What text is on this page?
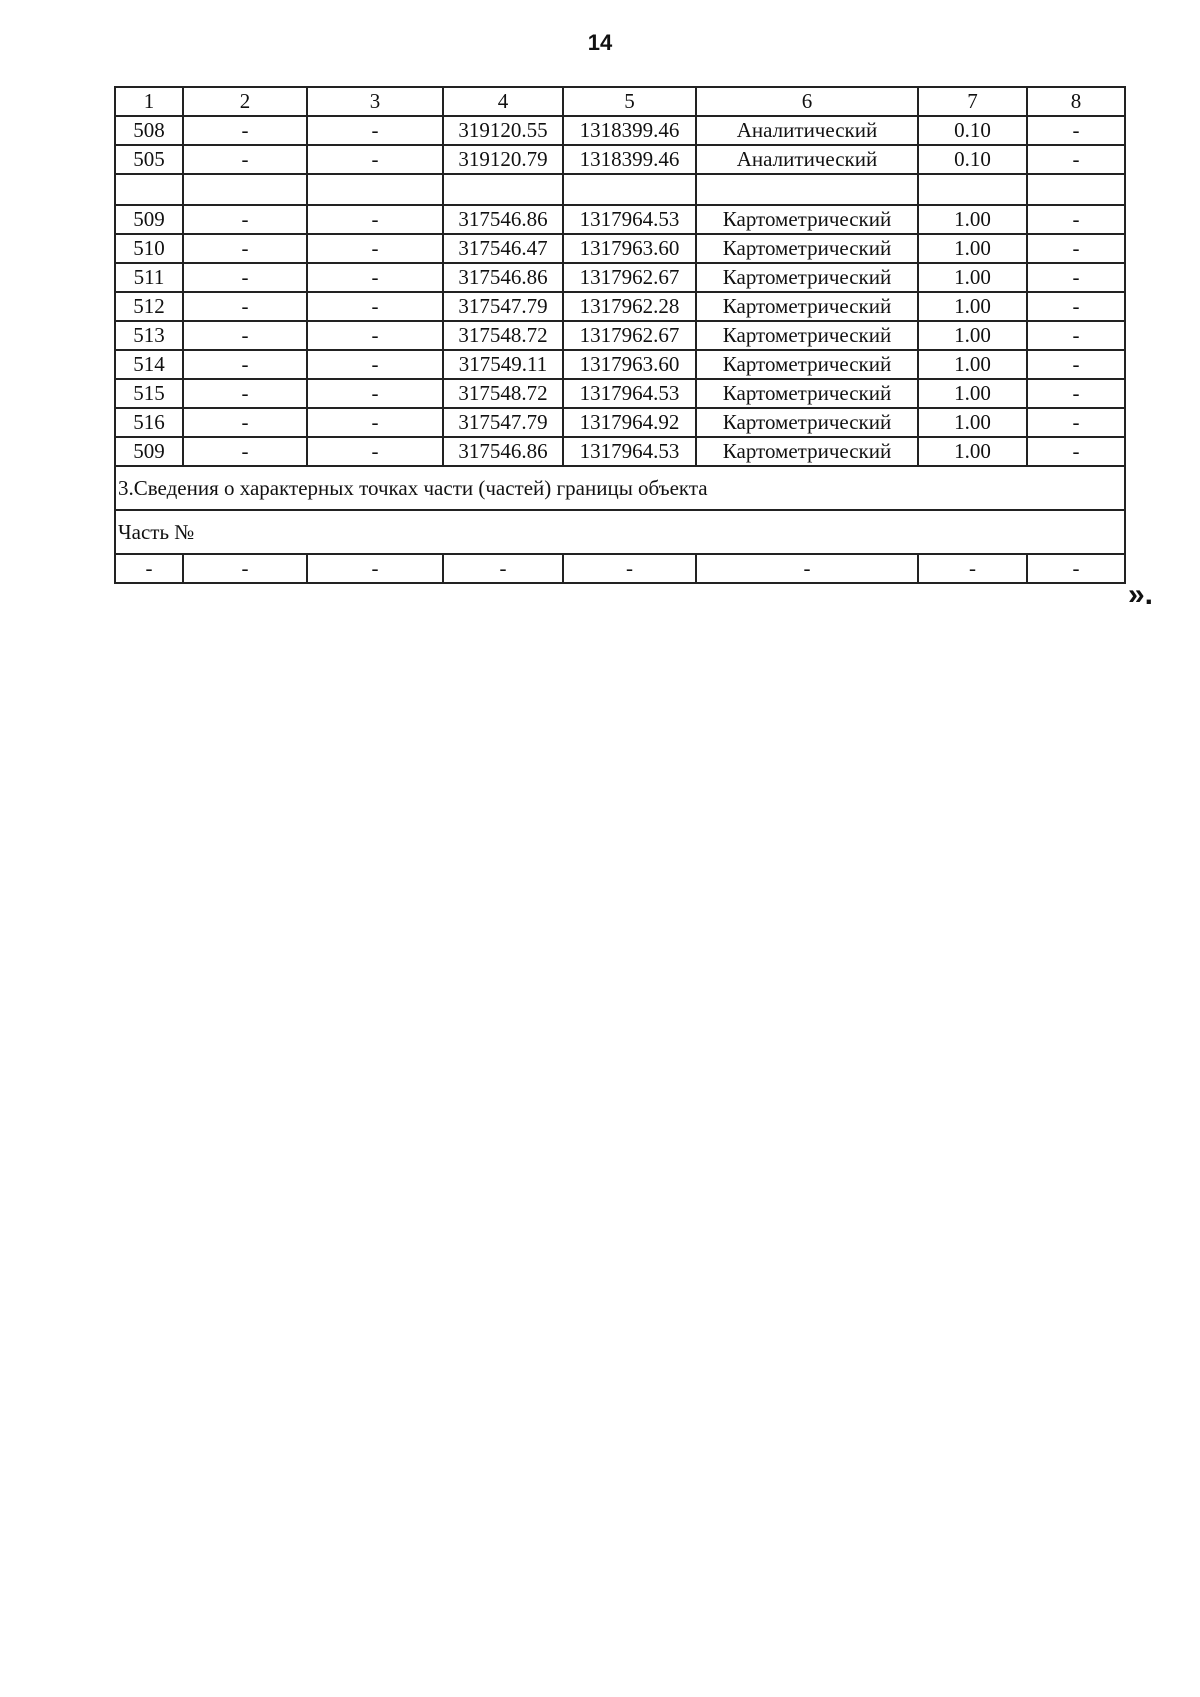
14
1	2	3	4	5	6	7	8
508	-	-	319120.55	1318399.46	Аналитический	0.10	-
505	-	-	319120.79	1318399.46	Аналитический	0.10	-

509	-	-	317546.86	1317964.53	Картометрический	1.00	-
510	-	-	317546.47	1317963.60	Картометрический	1.00	-
511	-	-	317546.86	1317962.67	Картометрический	1.00	-
512	-	-	317547.79	1317962.28	Картометрический	1.00	-
513	-	-	317548.72	1317962.67	Картометрический	1.00	-
514	-	-	317549.11	1317963.60	Картометрический	1.00	-
515	-	-	317548.72	1317964.53	Картометрический	1.00	-
516	-	-	317547.79	1317964.92	Картометрический	1.00	-
509	-	-	317546.86	1317964.53	Картометрический	1.00	-
3.Сведения о характерных точках части (частей) границы объекта							
Часть №							
-	-	-	-	-	-	-	-
».
